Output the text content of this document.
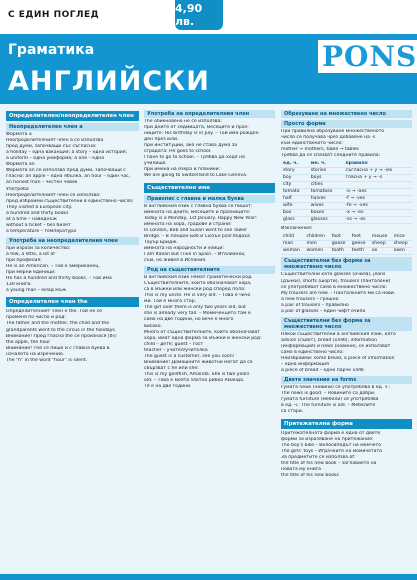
С ЕДИН ПОГЛЕД	4,90 лв.
Граматика
АНГЛИЙСКИ
PONS
Определителен/неопределителен член
Неопределителен член a
Формата a
Неопределителният член a се използва
пред думи, започващи със съгласна:
a holiday – една ваканция; a story – една история;
a uniform – една униформа; a one – една
Формата an
Формата an се използва пред думи, започващи с
гласна: an apple – една ябълка, an hour – един час,
an honest man – честен човек
Употреба
Неопределителният член се използва:
пред изброими съществителни в единствено число:
They visited a European city.
a hundred and thirty books
at a time – наведнъж
without a ticket – без билет
a temperature – температура
Употреба на неопределителния член
при изрази за количество:
a few, a little, a lot of
при професия:
He is an American. – Той е американец.
при мерни единици:
He has a hundred and thirty books. – Той има
130 книги.
a young man – млад мъж
Определителен член the
Определителният член е the. Той не се
променя по число и род:
The father and the mother, the child and the
grandparents went to the circus in the holidays.
Внимание! Пред гласна the се произнася [ði]:
the apple, the hour
Внимание! The се пише и с главна буква в
началото на изречение.
The "h" in the word "hour" is silent.
Употреба на определителния член
The обикновено не се използва:
при дните от седмицата, месеците и праз-
ниците: His birthday is in July. – Той има рожден
ден през юли.
при институции, ако не става дума за
сградата: He goes to school.
I have to go to school. – Трябва да ходя на
училище.
при имена на езера и планини:
We are going to Switzerland to Lake Geneva.
Съществително име
Правопис с главна и малка буква
В английския език с главна буква се пишат:
имената на дните, месеците и празниците:
Today is a Monday, 1st January. Happy New Year!
имената на хора, градове и страни:
In London, Bob and Susan went to see Tower
Bridge. – В Лондон Боб и Сюзън разгледаха
Тауър Бридж.
имената на народности и езици:
I am Italian but I live in Spain. – Италианец
съм, но живея в Испания.
Род на съществителните
В английския език нямат граматически род.
Съществителните, които обозначават хора,
са в мъжки или женски род според пола:
This is my uncle. He is very old. – Това е чичо
ми. Той е много стар.
The girl over there is only two years old, but
she is already very tall. – Момиченцето там е
само на две години, но вече е много
високо.
Много от съществителните, които обозначават
хора, имат една форма за мъжки и женски род:
child – дете; guest – гост
teacher – учител/учителка
The guest is a customer, see you soon!
Внимание! Домашните животни могат да се
свързват с he или she:
This is my goldfish, Amanda. She is two years
old. – Това е моята златна рибка Аманда.
Тя е на две години.
Образуване на множествено число
Просто форма
При правилно образуване множественото
число се получава чрез добавяне на -s
към единственото число:
mother → mothers, table → tables
Трябва да се спазват следните правила:
ед. ч.	мн. ч.	правило
story	stories	съгласна + y → -ies
boy	boys	гласна + y → -s
city	cities	
tomato	tomatoes	-o → -oes
half	halves	-f → -ves
wife	wives	-fe → -ves
box	boxes	-x → -es
glass	glasses	-ss → -es
Изключения:
child	children	foot	feet	mouse	mice
man	men	goose	geese	sheep	sheep
woman	women	tooth	teeth	ox	oxen
Съществителни без форма за множествено число
Съществителни като glasses (очила), jeans
(дънки), shorts (шорти), trousers (панталони)
се употребяват само в множествено число:
My trousers are new. – Панталоните ми са нови.
a new trousers – грешно
a pair of trousers – правилно
a pair of glasses – един чифт очила
Съществителни без форма за множествено число
Някои съществителни в английския език, като
advice (съвет), bread (хляб), information
(информация) и news (новини), се използват
само в единствено число:
Неизброими: some bread, a piece of information
– една информация
a piece of bread – едно парче хляб
Двете значения на forms
гумата news (новини) се употребява в ед. ч.:
The news is good. – Новините са добри.
гумата furniture (мебели) се употребява
в ед. ч.: The furniture is old. – Мебелите
са стари.
Притежателна форма
Притежателната форма е една от двете
форми за изразяване на притежание:
The boy's bike – Велосипедът на момчето
The girls' toys – Играчките на момичетата
За предметите се използва of:
the title of his new book – заглавието на
новата му книга
the title of his new books
